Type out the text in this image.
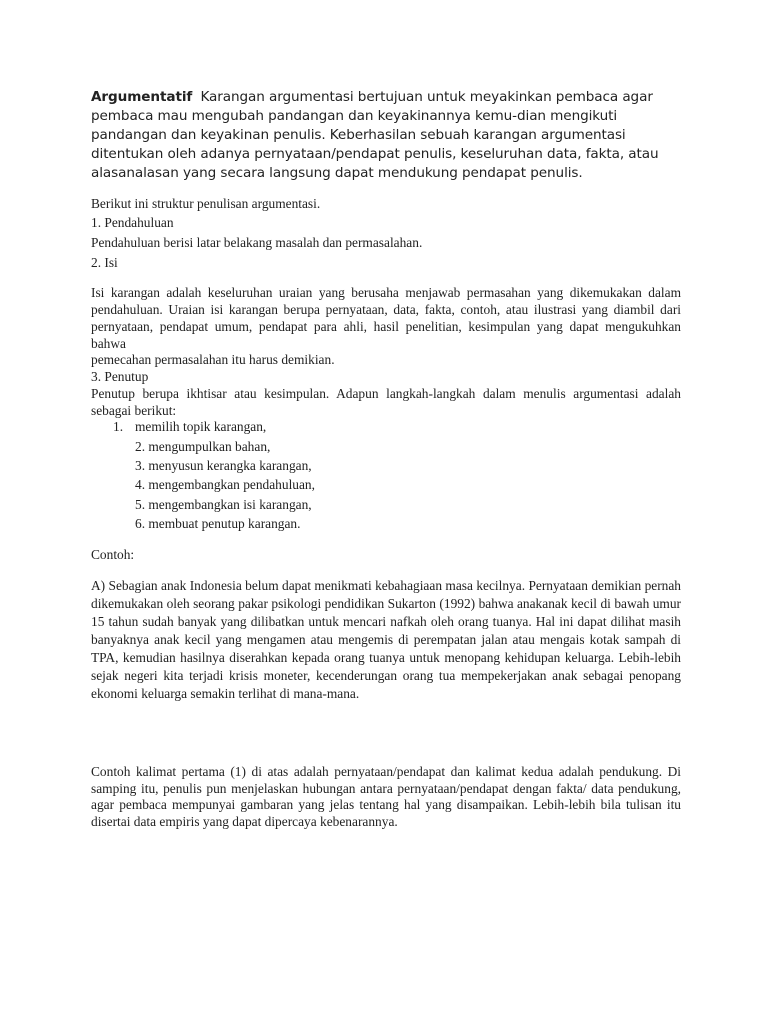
Argumentatif Karangan argumentasi bertujuan untuk meyakinkan pembaca agar pembaca mau mengubah pandangan dan keyakinannya kemu-dian mengikuti pandangan dan keyakinan penulis. Keberhasilan sebuah karangan argumentasi ditentukan oleh adanya pernyataan/pendapat penulis, keseluruhan data, fakta, atau alasanalasan yang secara langsung dapat mendukung pendapat penulis.

Berikut ini struktur penulisan argumentasi.
1. Pendahuluan
Pendahuluan berisi latar belakang masalah dan permasalahan.
2. Isi
Isi karangan adalah keseluruhan uraian yang berusaha menjawab permasahan yang dikemukakan dalam pendahuluan. Uraian isi karangan berupa pernyataan, data, fakta, contoh, atau ilustrasi yang diambil dari pernyataan, pendapat umum, pendapat para ahli, hasil penelitian, kesimpulan yang dapat mengukuhkan bahwa
pemecahan permasalahan itu harus demikian.
3. Penutup
Penutup berupa ikhtisar atau kesimpulan. Adapun langkah-langkah dalam menulis argumentasi adalah sebagai berikut:
1. memilih topik karangan,
2. mengumpulkan bahan,
3. menyusun kerangka karangan,
4. mengembangkan pendahuluan,
5. mengembangkan isi karangan,
6. membuat penutup karangan.
Contoh:
A) Sebagian anak Indonesia belum dapat menikmati kebahagiaan masa kecilnya. Pernyataan demikian pernah dikemukakan oleh seorang pakar psikologi pendidikan Sukarton (1992) bahwa anakanak kecil di bawah umur 15 tahun sudah banyak yang dilibatkan untuk mencari nafkah oleh orang tuanya. Hal ini dapat dilihat masih banyaknya anak kecil yang mengamen atau mengemis di perempatan jalan atau mengais kotak sampah di TPA, kemudian hasilnya diserahkan kepada orang tuanya untuk menopang kehidupan keluarga. Lebih-lebih sejak negeri kita terjadi krisis moneter, kecenderungan orang tua mempekerjakan anak sebagai penopang ekonomi keluarga semakin terlihat di mana-mana.
Contoh kalimat pertama (1) di atas adalah pernyataan/pendapat dan kalimat kedua adalah pendukung. Di samping itu, penulis pun menjelaskan hubungan antara pernyataan/pendapat dengan fakta/ data pendukung, agar pembaca mempunyai gambaran yang jelas tentang hal yang disampaikan. Lebih-lebih bila tulisan itu disertai data empiris yang dapat dipercaya kebenarannya.
